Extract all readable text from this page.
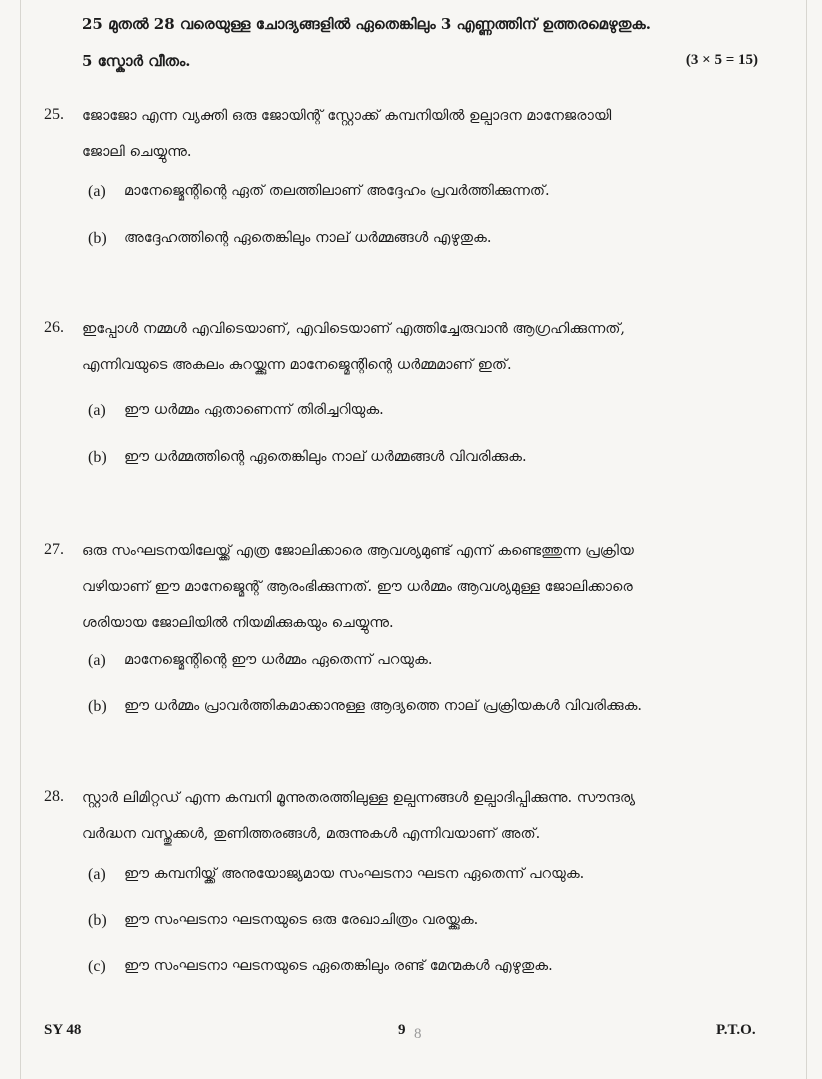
25 മുതൽ 28 വരെയുള്ള ചോദ്യങ്ങളിൽ ഏതെങ്കിലും 3 എണ്ണത്തിന് ഉത്തരമെഴുതുക.
5 സ്കോർ വീതം.	(3 × 5 = 15)
25. ജോജോ എന്ന വ്യക്തി ഒരു ജോയിന്റ് സ്റ്റോക്ക് കമ്പനിയിൽ ഉല്പാദന മാനേജരായി
ജോലി ചെയ്യുന്നു.
(a) മാനേജ്മെന്റിന്റെ ഏത് തലത്തിലാണ് അദ്ദേഹം പ്രവർത്തിക്കുന്നത്.
(b) അദ്ദേഹത്തിന്റെ ഏതെങ്കിലും നാല് ധർമ്മങ്ങൾ എഴുതുക.
26. ഇപ്പോൾ നമ്മൾ എവിടെയാണ്, എവിടെയാണ് എത്തിച്ചേരുവാൻ ആഗ്രഹിക്കുന്നത്,
എന്നിവയുടെ അകലം കുറയ്ക്കുന്ന മാനേജ്മെന്റിന്റെ ധർമ്മമാണ് ഇത്.
(a) ഈ ധർമ്മം ഏതാണെന്ന് തിരിച്ചറിയുക.
(b) ഈ ധർമ്മത്തിന്റെ ഏതെങ്കിലും നാല് ധർമ്മങ്ങൾ വിവരിക്കുക.
27. ഒരു സംഘടനയിലേയ്ക്ക് എത്ര ജോലിക്കാരെ ആവശ്യമുണ്ട് എന്ന് കണ്ടെത്തുന്ന പ്രക്രിയ
വഴിയാണ് ഈ മാനേജ്മെന്റ് ആരംഭിക്കുന്നത്. ഈ ധർമ്മം ആവശ്യമുള്ള ജോലിക്കാരെ
ശരിയായ ജോലിയിൽ നിയമിക്കുകയും ചെയ്യുന്നു.
(a) മാനേജ്മെന്റിന്റെ ഈ ധർമ്മം ഏതെന്ന് പറയുക.
(b) ഈ ധർമ്മം പ്രാവർത്തികമാക്കാനുള്ള ആദ്യത്തെ നാല് പ്രക്രിയകൾ വിവരിക്കുക.
28. സ്റ്റാർ ലിമിറ്റഡ് എന്ന കമ്പനി മൂന്നുതരത്തിലുള്ള ഉല്പന്നങ്ങൾ ഉല്പാദിപ്പിക്കുന്നു. സൗന്ദര്യ
വർദ്ധന വസ്തുക്കൾ, തുണിത്തരങ്ങൾ, മരുന്നുകൾ എന്നിവയാണ് അത്.
(a) ഈ കമ്പനിയ്ക്ക് അനുയോജ്യമായ സംഘടനാ ഘടന ഏതെന്ന് പറയുക.
(b) ഈ സംഘടനാ ഘടനയുടെ ഒരു രേഖാചിത്രം വരയ്ക്കുക.
(c) ഈ സംഘടനാ ഘടനയുടെ ഏതെങ്കിലും രണ്ട് മേന്മകൾ എഴുതുക.
SY 48	9 8	P.T.O.
